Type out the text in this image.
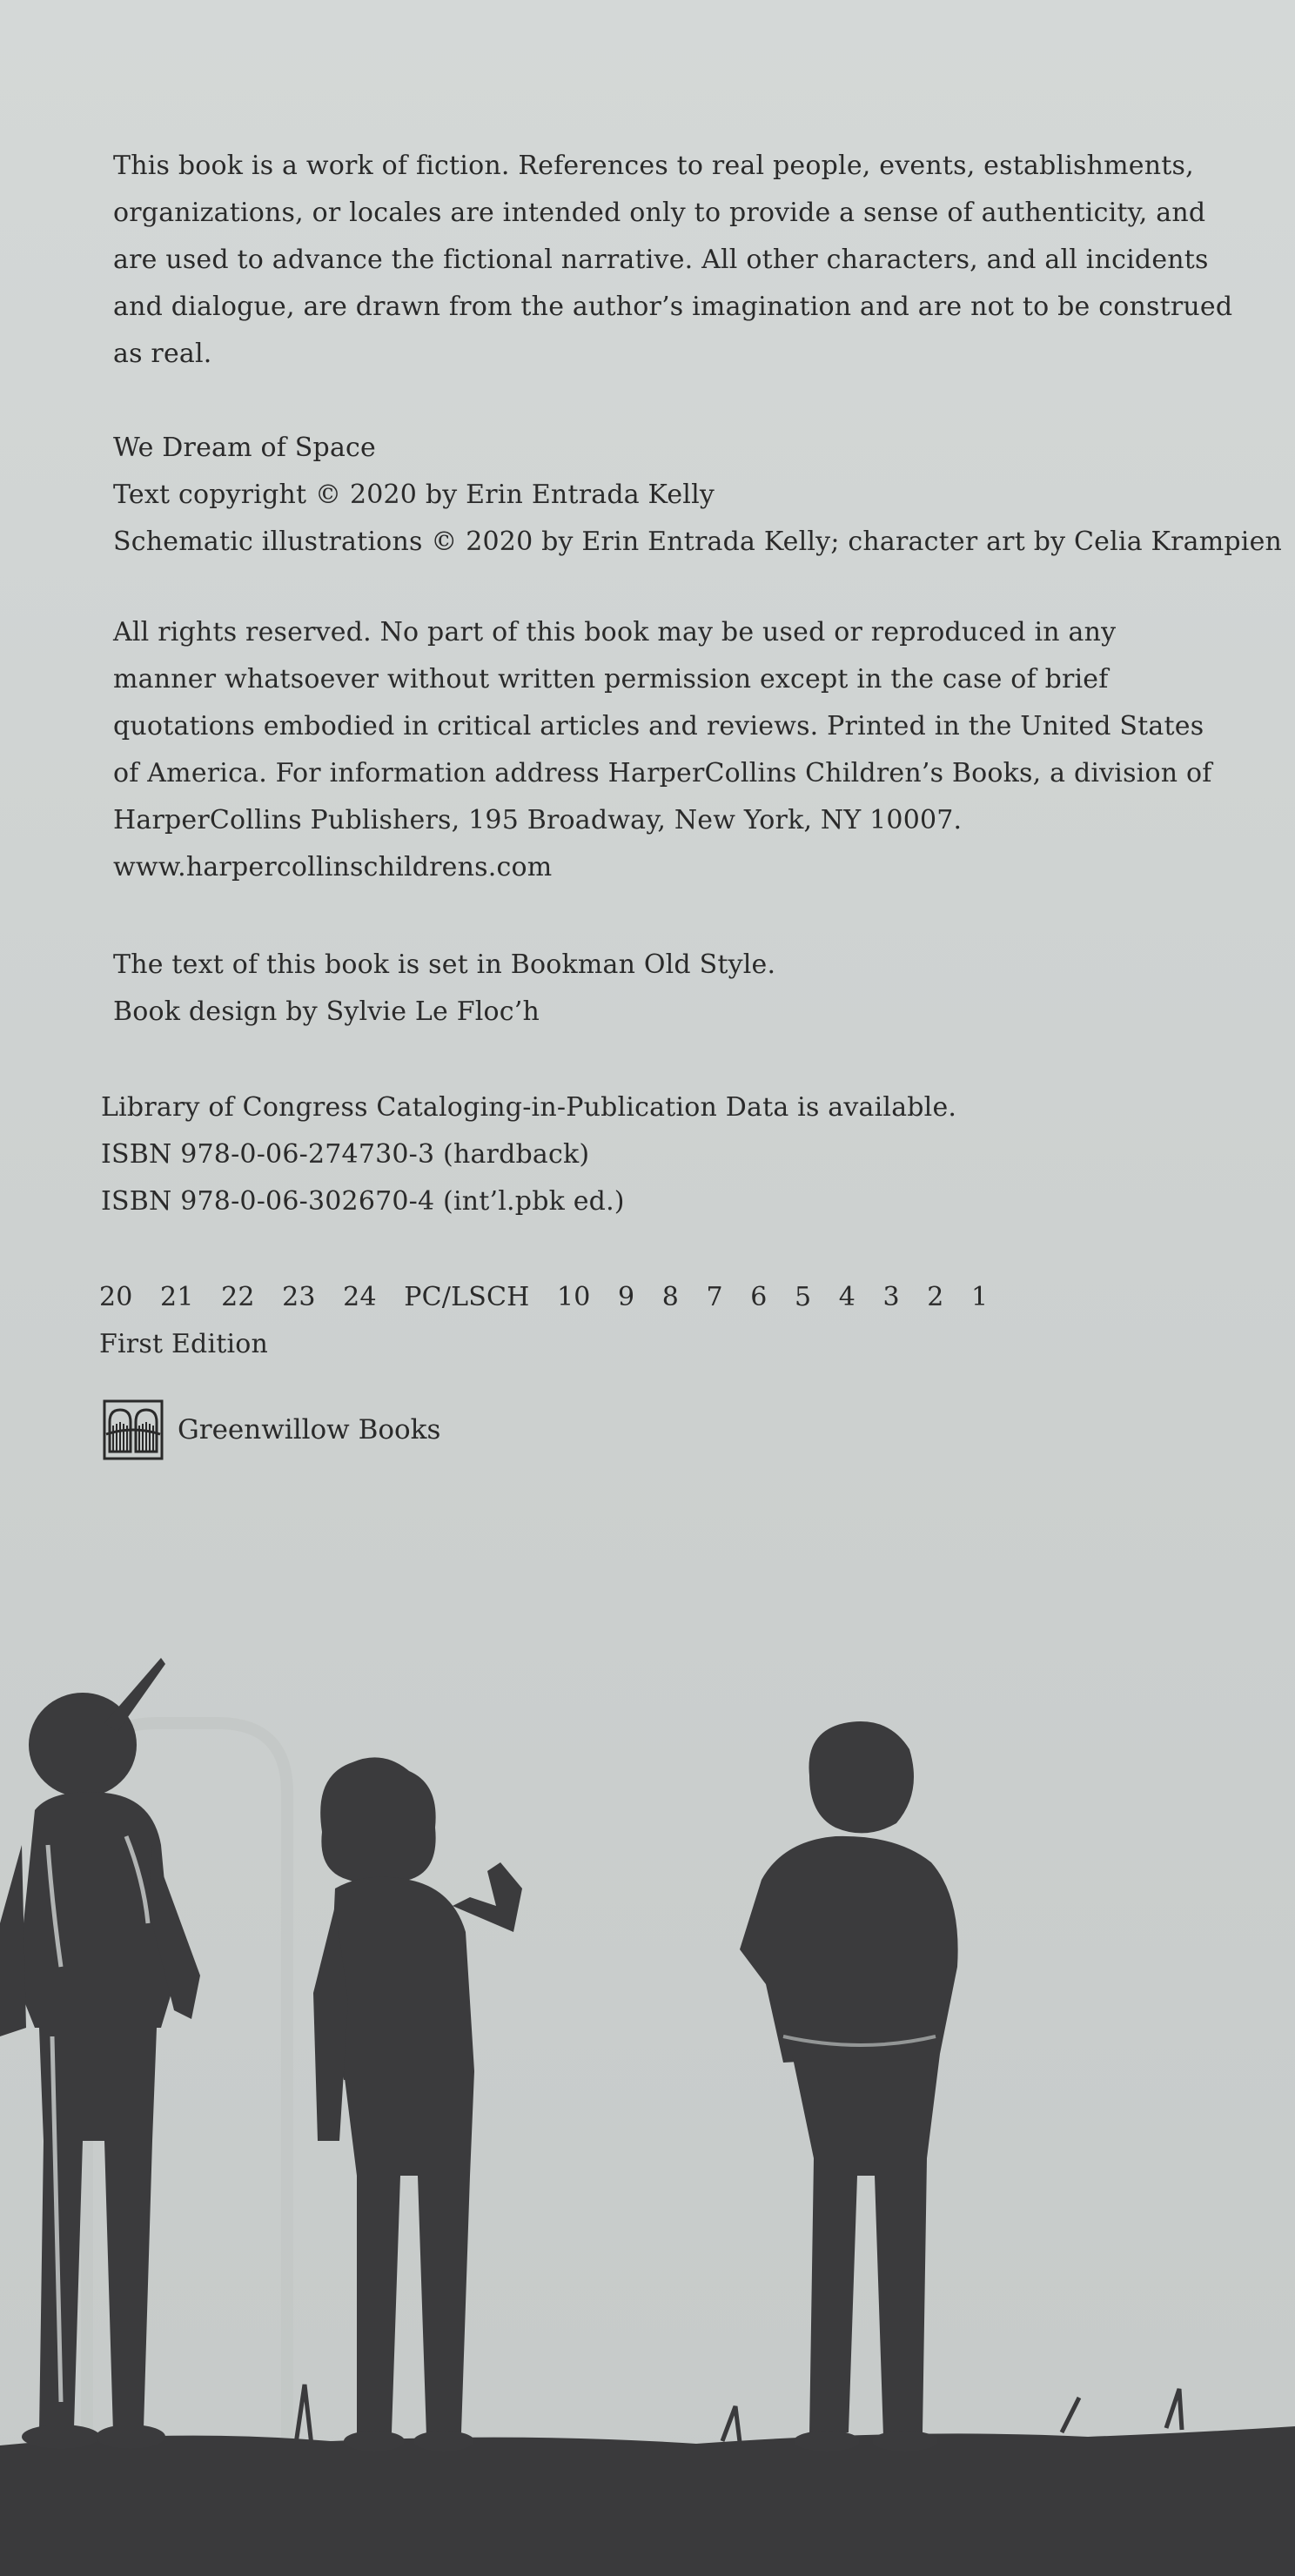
This book is a work of fiction. References to real people, events, establishments,
organizations, or locales are intended only to provide a sense of authenticity, and
are used to advance the fictional narrative. All other characters, and all incidents
and dialogue, are drawn from the author’s imagination and are not to be construed
as real.
We Dream of Space
Text copyright © 2020 by Erin Entrada Kelly
Schematic illustrations © 2020 by Erin Entrada Kelly; character art by Celia Krampien
All rights reserved. No part of this book may be used or reproduced in any
manner whatsoever without written permission except in the case of brief
quotations embodied in critical articles and reviews. Printed in the United States
of America. For information address HarperCollins Children’s Books, a division of
HarperCollins Publishers, 195 Broadway, New York, NY 10007.
www.harpercollinschildrens.com
The text of this book is set in Bookman Old Style.
Book design by Sylvie Le Floc’h
Library of Congress Cataloging-in-Publication Data is available.
ISBN 978-0-06-274730-3 (hardback)
ISBN 978-0-06-302670-4 (int’l.pbk ed.)
20  21  22  23  24  PC/LSCH  10  9  8  7  6  5  4  3  2  1
First Edition
Greenwillow Books
